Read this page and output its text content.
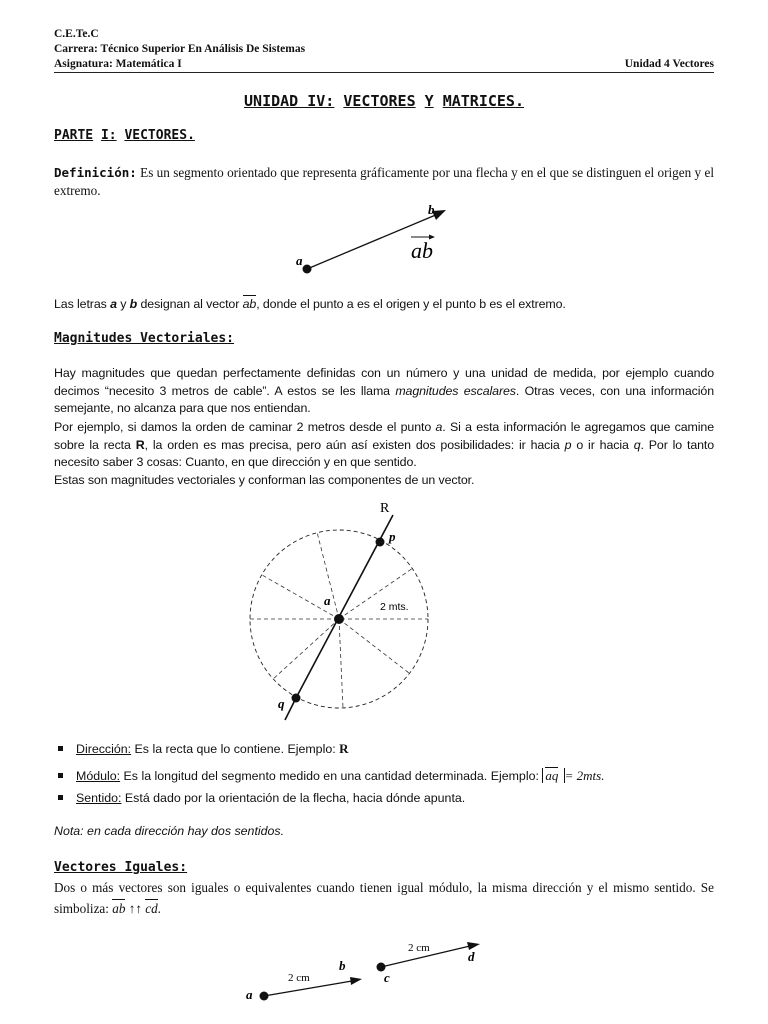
C.E.Te.C
Carrera: Técnico Superior En Análisis De Sistemas
Asignatura: Matemática I	Unidad 4 Vectores
UNIDAD IV: VECTORES Y MATRICES.
PARTE I: VECTORES.
Definición: Es un segmento orientado que representa gráficamente por una flecha y en el que se distinguen el origen y el extremo.
a
b
ab
Las letras a y b designan al vector ab, donde el punto a es el origen y el punto b es el extremo.
Magnitudes Vectoriales:
Hay magnitudes que quedan perfectamente definidas con un número y una unidad de medida, por ejemplo cuando decimos “necesito 3 metros de cable”. A estos se les llama magnitudes escalares. Otras veces, con una información semejante, no alcanza para que nos entiendan.
Por ejemplo, si damos la orden de caminar 2 metros desde el punto a. Si a esta información le agregamos que camine sobre la recta R, la orden es mas precisa, pero aún así existen dos posibilidades: ir hacia p o ir hacia q. Por lo tanto necesito saber 3 cosas: Cuanto, en que dirección y en que sentido.
Estas son magnitudes vectoriales y conforman las componentes de un vector.
R
p
a
q
2 mts.
Dirección: Es la recta que lo contiene. Ejemplo: R
Módulo: Es la longitud del segmento medido en una cantidad determinada. Ejemplo: aq = 2mts.
Sentido: Está dado por la orientación de la flecha, hacia dónde apunta.
Nota: en cada dirección hay dos sentidos.
Vectores Iguales:
Dos o más vectores son iguales o equivalentes cuando tienen igual módulo, la misma dirección y el mismo sentido. Se simboliza: ab ↑↑ cd.
a
b
c
d
2 cm
2 cm
